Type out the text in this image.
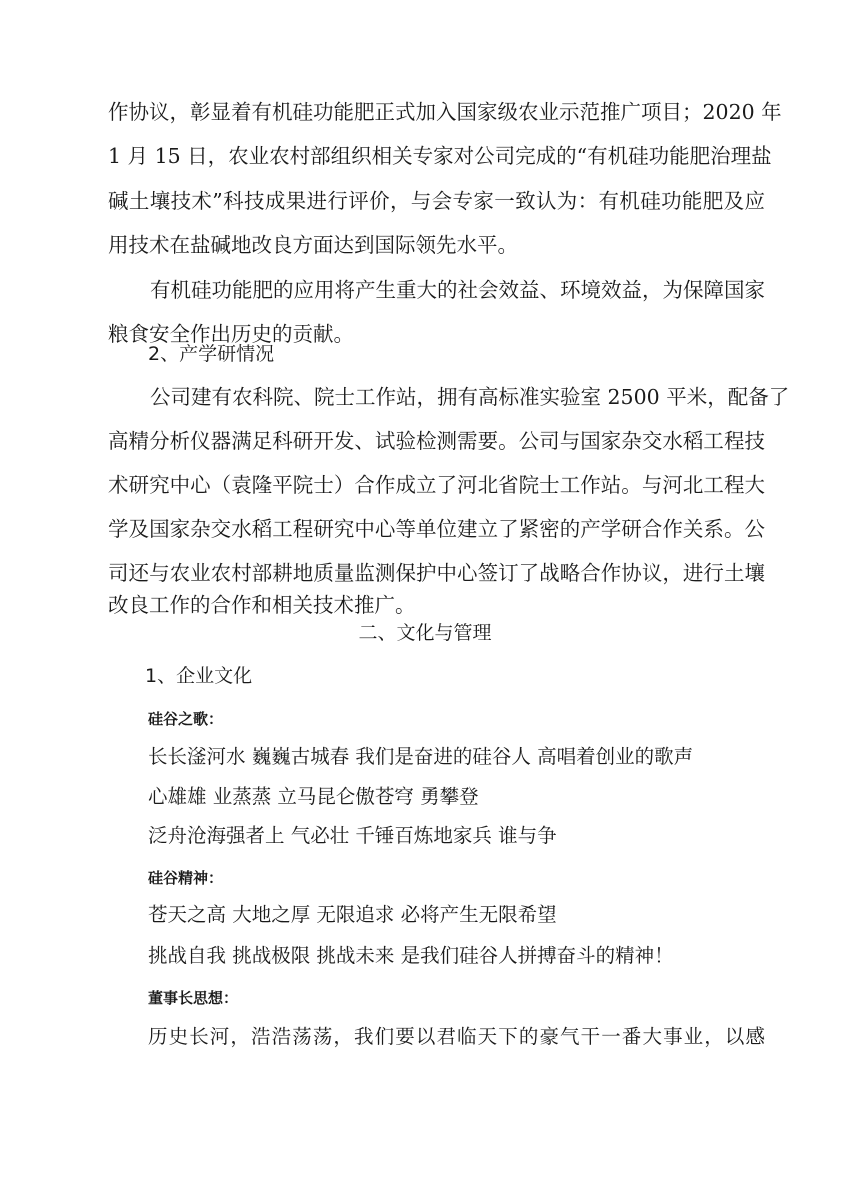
作协议，彰显着有机硅功能肥正式加入国家级农业示范推广项目；2020 年
1 月 15 日，农业农村部组织相关专家对公司完成的“有机硅功能肥治理盐
碱土壤技术”科技成果进行评价，与会专家一致认为：有机硅功能肥及应
用技术在盐碱地改良方面达到国际领先水平。
有机硅功能肥的应用将产生重大的社会效益、环境效益，为保障国家
粮食安全作出历史的贡献。
2、产学研情况
公司建有农科院、院士工作站，拥有高标准实验室 2500 平米，配备了
高精分析仪器满足科研开发、试验检测需要。公司与国家杂交水稻工程技
术研究中心（袁隆平院士）合作成立了河北省院士工作站。与河北工程大
学及国家杂交水稻工程研究中心等单位建立了紧密的产学研合作关系。公
司还与农业农村部耕地质量监测保护中心签订了战略合作协议，进行土壤
改良工作的合作和相关技术推广。
二、文化与管理
1、企业文化
硅谷之歌：
长长滏河水 巍巍古城春 我们是奋进的硅谷人 高唱着创业的歌声
心雄雄 业蒸蒸 立马昆仑傲苍穹 勇攀登
泛舟沧海强者上 气必壮 千锤百炼地家兵 谁与争
硅谷精神：
苍天之高 大地之厚 无限追求 必将产生无限希望
挑战自我 挑战极限 挑战未来 是我们硅谷人拼搏奋斗的精神！
董事长思想：
历史长河，浩浩荡荡，我们要以君临天下的豪气干一番大事业，以感
